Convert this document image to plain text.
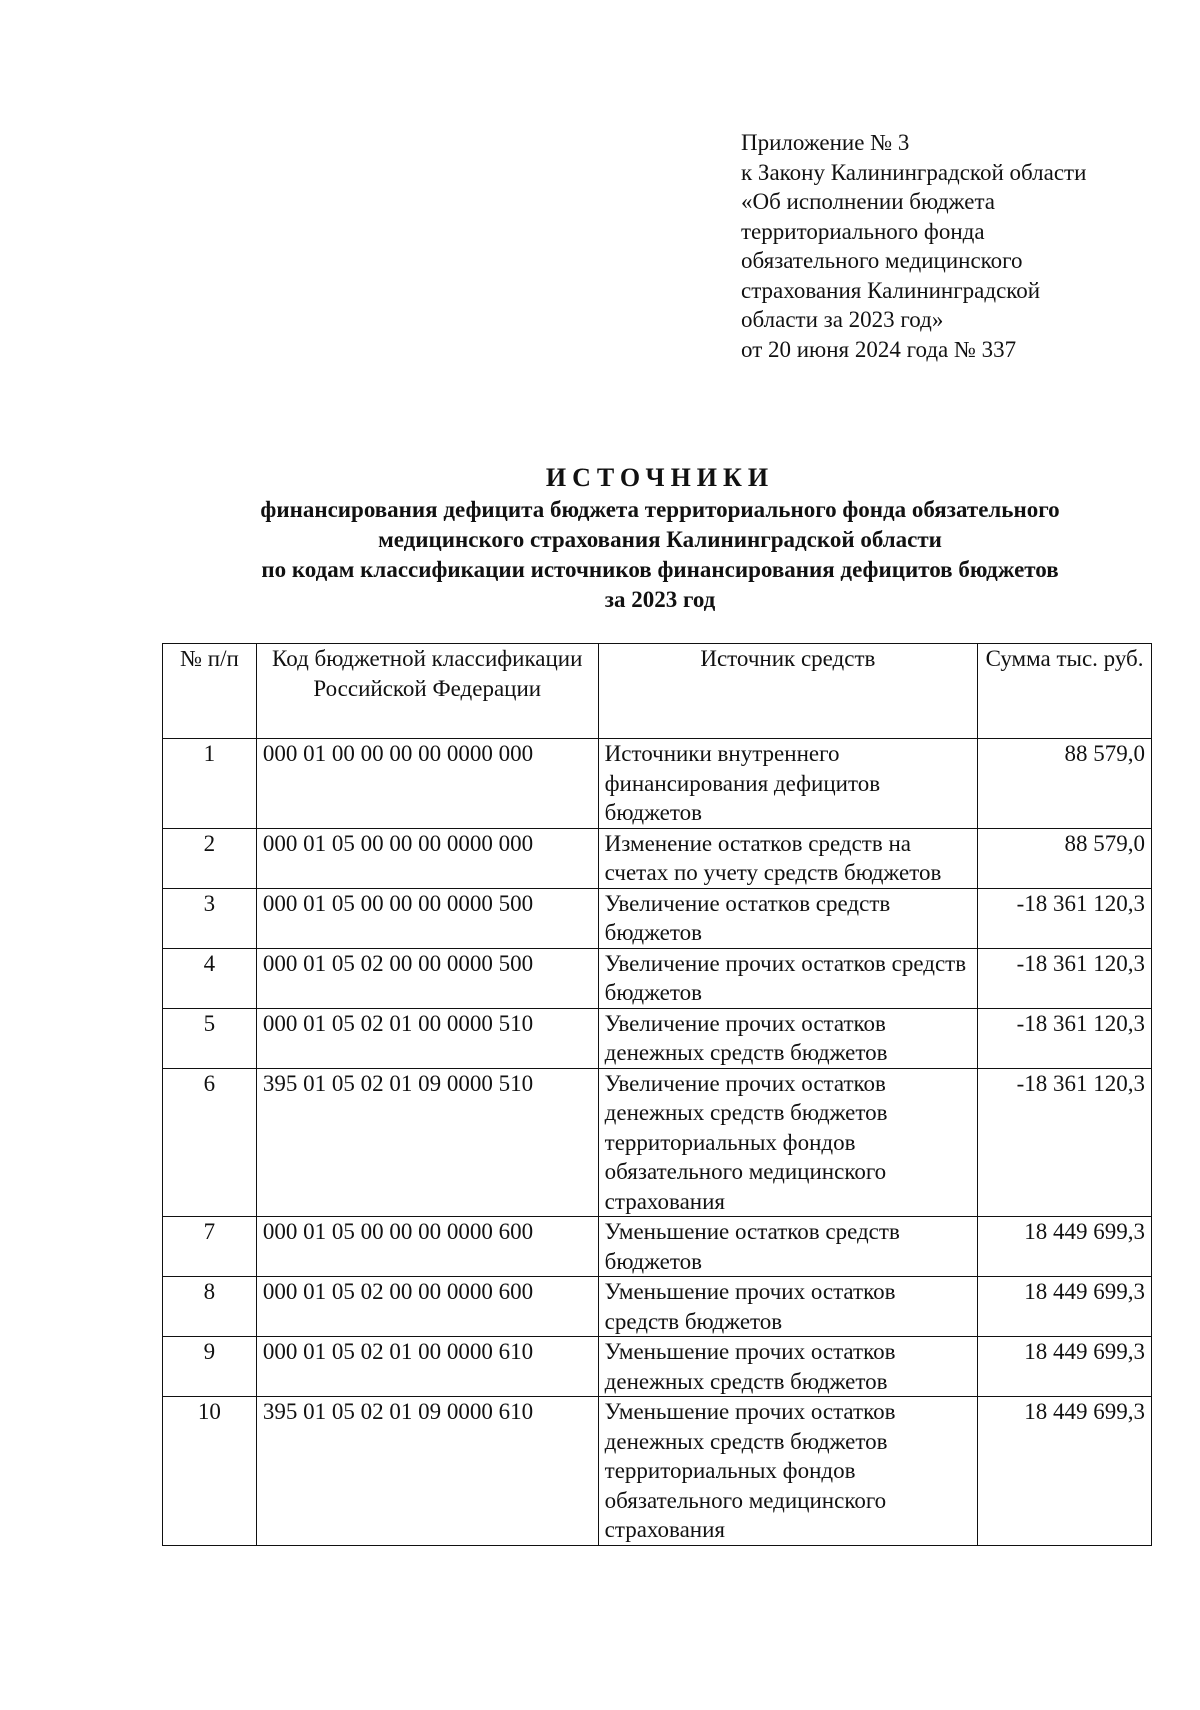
Приложение № 3
к Закону Калининградской области
«Об исполнении бюджета
территориального фонда
обязательного медицинского
страхования Калининградской
области за 2023 год»
от 20 июня 2024 года № 337
ИСТОЧНИКИ
финансирования дефицита бюджета территориального фонда обязательного
медицинского страхования Калининградской области
по кодам классификации источников финансирования дефицитов бюджетов
за 2023 год
№ п/п	Код бюджетной классификации Российской Федерации	Источник средств	Сумма тыс. руб.
1	000 01 00 00 00 00 0000 000	Источники внутреннего финансирования дефицитов бюджетов	88 579,0
2	000 01 05 00 00 00 0000 000	Изменение остатков средств на счетах по учету средств бюджетов	88 579,0
3	000 01 05 00 00 00 0000 500	Увеличение остатков средств бюджетов	-18 361 120,3
4	000 01 05 02 00 00 0000 500	Увеличение прочих остатков средств бюджетов	-18 361 120,3
5	000 01 05 02 01 00 0000 510	Увеличение прочих остатков денежных средств бюджетов	-18 361 120,3
6	395 01 05 02 01 09 0000 510	Увеличение прочих остатков денежных средств бюджетов территориальных фондов обязательного медицинского страхования	-18 361 120,3
7	000 01 05 00 00 00 0000 600	Уменьшение остатков средств бюджетов	18 449 699,3
8	000 01 05 02 00 00 0000 600	Уменьшение прочих остатков средств бюджетов	18 449 699,3
9	000 01 05 02 01 00 0000 610	Уменьшение прочих остатков денежных средств бюджетов	18 449 699,3
10	395 01 05 02 01 09 0000 610	Уменьшение прочих остатков денежных средств бюджетов территориальных фондов обязательного медицинского страхования	18 449 699,3
